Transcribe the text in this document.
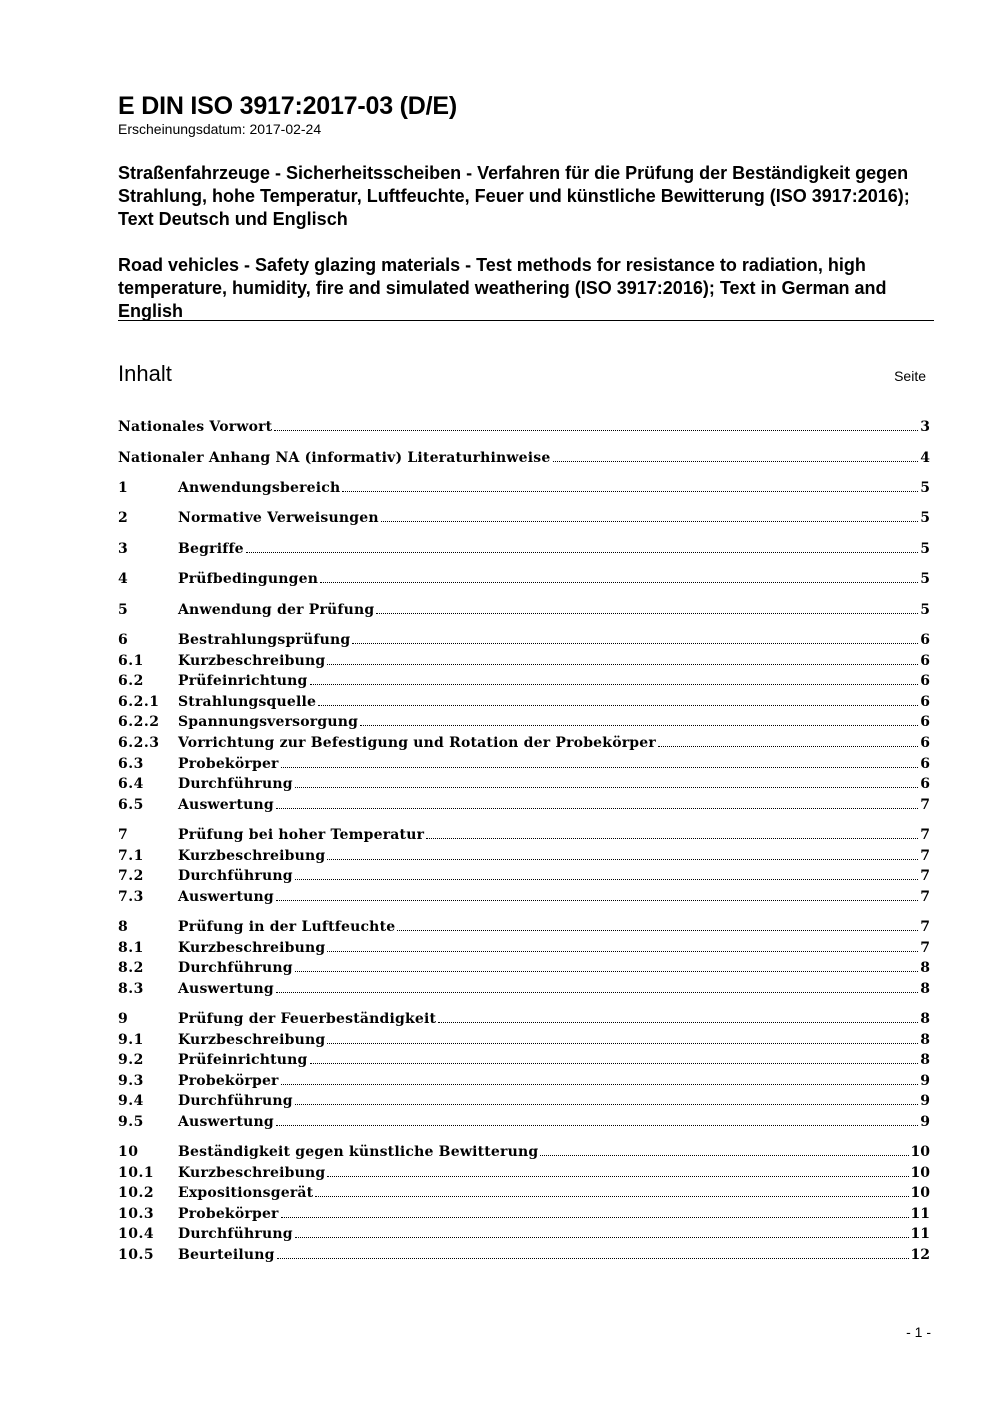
E DIN ISO 3917:2017-03 (D/E)
Erscheinungsdatum: 2017-02-24
Straßenfahrzeuge - Sicherheitsscheiben - Verfahren für die Prüfung der Beständigkeit gegen Strahlung, hohe Temperatur, Luftfeuchte, Feuer und künstliche Bewitterung (ISO 3917:2016); Text Deutsch und Englisch
Road vehicles - Safety glazing materials - Test methods for resistance to radiation, high temperature, humidity, fire and simulated weathering (ISO 3917:2016); Text in German and English
Inhalt	Seite
Nationales Vorwort	3
Nationaler Anhang NA (informativ) Literaturhinweise	4
1	Anwendungsbereich	5
2	Normative Verweisungen	5
3	Begriffe	5
4	Prüfbedingungen	5
5	Anwendung der Prüfung	5
6	Bestrahlungsprüfung	6
6.1 Kurzbeschreibung	6
6.2 Prüfeinrichtung	6
6.2.1 Strahlungsquelle	6
6.2.2 Spannungsversorgung	6
6.2.3 Vorrichtung zur Befestigung und Rotation der Probekörper	6
6.3 Probekörper	6
6.4 Durchführung	6
6.5 Auswertung	7
7	Prüfung bei hoher Temperatur	7
7.1 Kurzbeschreibung	7
7.2 Durchführung	7
7.3 Auswertung	7
8	Prüfung in der Luftfeuchte	7
8.1 Kurzbeschreibung	7
8.2 Durchführung	8
8.3 Auswertung	8
9	Prüfung der Feuerbeständigkeit	8
9.1 Kurzbeschreibung	8
9.2 Prüfeinrichtung	8
9.3 Probekörper	9
9.4 Durchführung	9
9.5 Auswertung	9
10	Beständigkeit gegen künstliche Bewitterung	10
10.1 Kurzbeschreibung	10
10.2 Expositionsgerät	10
10.3 Probekörper	11
10.4 Durchführung	11
10.5 Beurteilung	12
- 1 -
